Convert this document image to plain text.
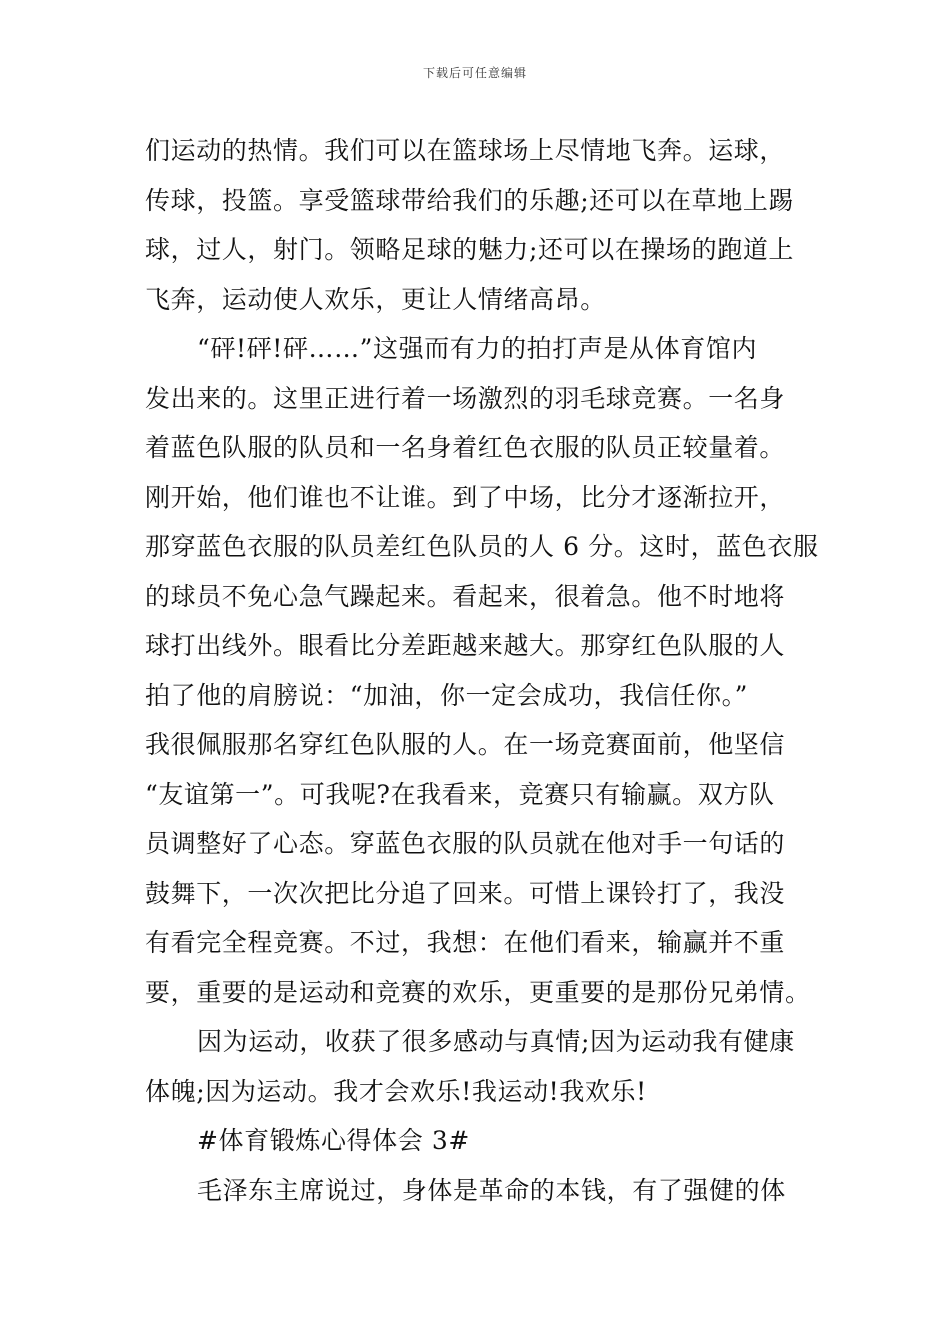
下载后可任意编辑
们运动的热情。我们可以在篮球场上尽情地飞奔。运球，
传球，投篮。享受篮球带给我们的乐趣;还可以在草地上踢
球，过人，射门。领略足球的魅力;还可以在操场的跑道上
飞奔，运动使人欢乐，更让人情绪高昂。
“砰!砰!砰……”这强而有力的拍打声是从体育馆内
发出来的。这里正进行着一场激烈的羽毛球竞赛。一名身
着蓝色队服的队员和一名身着红色衣服的队员正较量着。
刚开始，他们谁也不让谁。到了中场，比分才逐渐拉开，
那穿蓝色衣服的队员差红色队员的人 6 分。这时，蓝色衣服
的球员不免心急气躁起来。看起来，很着急。他不时地将
球打出线外。眼看比分差距越来越大。那穿红色队服的人
拍了他的肩膀说：“加油，你一定会成功，我信任你。”
我很佩服那名穿红色队服的人。在一场竞赛面前，他坚信
“友谊第一”。可我呢?在我看来，竞赛只有输赢。双方队
员调整好了心态。穿蓝色衣服的队员就在他对手一句话的
鼓舞下，一次次把比分追了回来。可惜上课铃打了，我没
有看完全程竞赛。不过，我想：在他们看来，输赢并不重
要，重要的是运动和竞赛的欢乐，更重要的是那份兄弟情。
因为运动，收获了很多感动与真情;因为运动我有健康
体魄;因为运动。我才会欢乐!我运动!我欢乐!
#体育锻炼心得体会 3#
毛泽东主席说过，身体是革命的本钱，有了强健的体
